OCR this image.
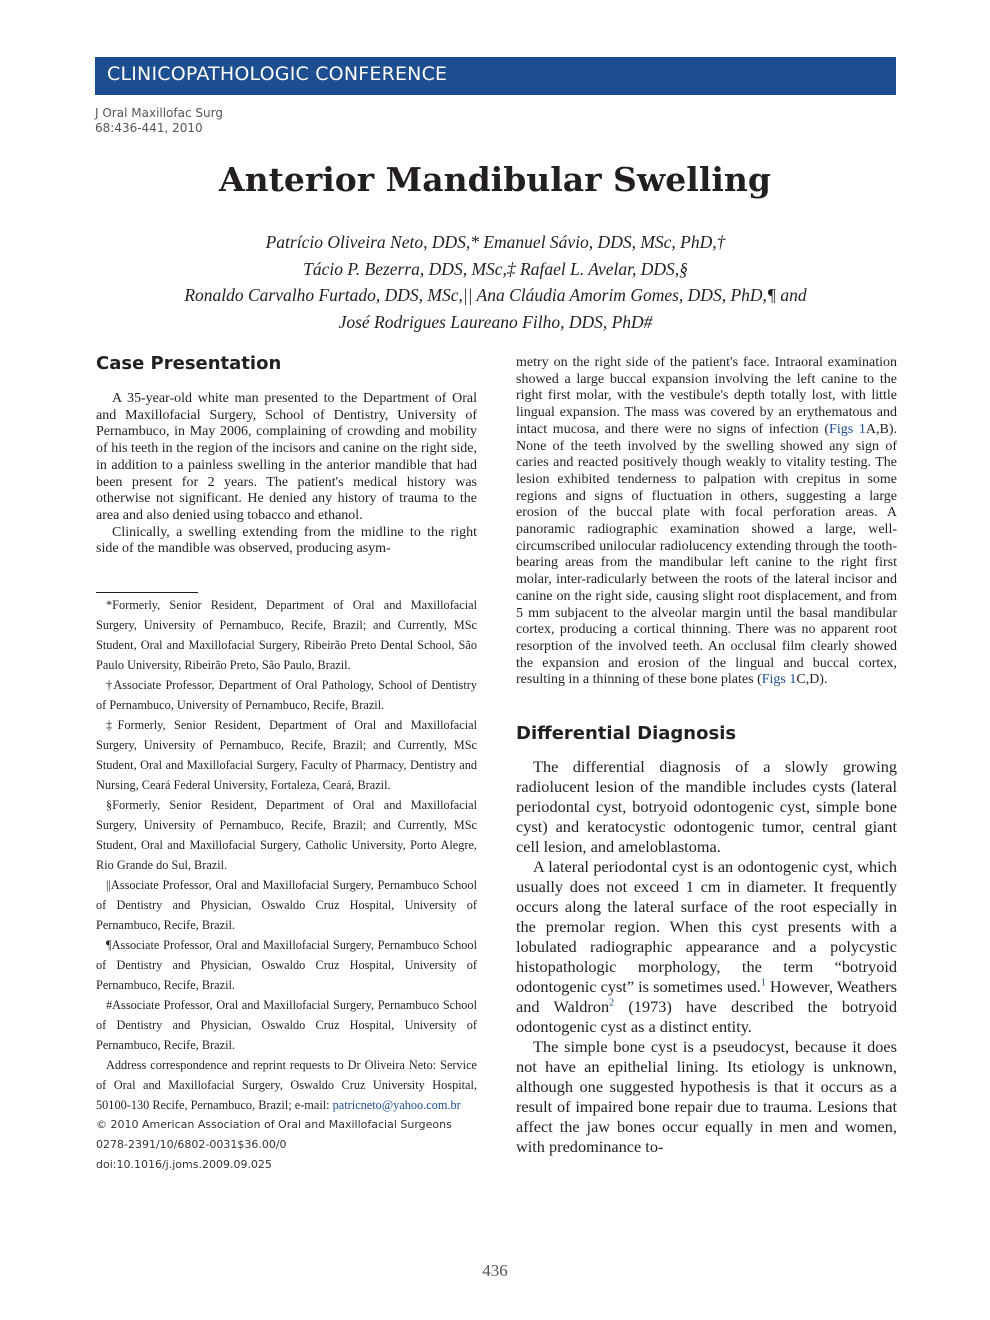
CLINICOPATHOLOGIC CONFERENCE
J Oral Maxillofac Surg
68:436-441, 2010
Anterior Mandibular Swelling
Patrício Oliveira Neto, DDS,* Emanuel Sávio, DDS, MSc, PhD,†
Tácio P. Bezerra, DDS, MSc,‡ Rafael L. Avelar, DDS,§
Ronaldo Carvalho Furtado, DDS, MSc,|| Ana Cláudia Amorim Gomes, DDS, PhD,¶ and
José Rodrigues Laureano Filho, DDS, PhD#
Case Presentation

A 35-year-old white man presented to the Department of Oral and Maxillofacial Surgery, School of Dentistry, University of Pernambuco, in May 2006, complaining of crowding and mobility of his teeth in the region of the incisors and canine on the right side, in addition to a painless swelling in the anterior mandible that had been present for 2 years. The patient's medical history was otherwise not significant. He denied any history of trauma to the area and also denied using tobacco and ethanol.

Clinically, a swelling extending from the midline to the right side of the mandible was observed, producing asym-

*Formerly, Senior Resident, Department of Oral and Maxillofacial Surgery, University of Pernambuco, Recife, Brazil; and Currently, MSc Student, Oral and Maxillofacial Surgery, Ribeirão Preto Dental School, São Paulo University, Ribeirão Preto, São Paulo, Brazil.

†Associate Professor, Department of Oral Pathology, School of Dentistry of Pernambuco, University of Pernambuco, Recife, Brazil.

‡Formerly, Senior Resident, Department of Oral and Maxillofacial Surgery, University of Pernambuco, Recife, Brazil; and Currently, MSc Student, Oral and Maxillofacial Surgery, Faculty of Pharmacy, Dentistry and Nursing, Ceará Federal University, Fortaleza, Ceará, Brazil.

§Formerly, Senior Resident, Department of Oral and Maxillofacial Surgery, University of Pernambuco, Recife, Brazil; and Currently, MSc Student, Oral and Maxillofacial Surgery, Catholic University, Porto Alegre, Rio Grande do Sul, Brazil.

||Associate Professor, Oral and Maxillofacial Surgery, Pernambuco School of Dentistry and Physician, Oswaldo Cruz Hospital, University of Pernambuco, Recife, Brazil.

¶Associate Professor, Oral and Maxillofacial Surgery, Pernambuco School of Dentistry and Physician, Oswaldo Cruz Hospital, University of Pernambuco, Recife, Brazil.

#Associate Professor, Oral and Maxillofacial Surgery, Pernambuco School of Dentistry and Physician, Oswaldo Cruz Hospital, University of Pernambuco, Recife, Brazil.

Address correspondence and reprint requests to Dr Oliveira Neto: Service of Oral and Maxillofacial Surgery, Oswaldo Cruz University Hospital, 50100-130 Recife, Pernambuco, Brazil; e-mail: patricneto@yahoo.com.br

© 2010 American Association of Oral and Maxillofacial Surgeons

0278-2391/10/6802-0031$36.00/0

doi:10.1016/j.joms.2009.09.025

metry on the right side of the patient's face. Intraoral examination showed a large buccal expansion involving the left canine to the right first molar, with the vestibule's depth totally lost, with little lingual expansion. The mass was covered by an erythematous and intact mucosa, and there were no signs of infection (Figs 1A,B). None of the teeth involved by the swelling showed any sign of caries and reacted positively though weakly to vitality testing. The lesion exhibited tenderness to palpation with crepitus in some regions and signs of fluctuation in others, suggesting a large erosion of the buccal plate with focal perforation areas. A panoramic radiographic examination showed a large, well-circumscribed unilocular radiolucency extending through the tooth-bearing areas from the mandibular left canine to the right first molar, inter-radicularly between the roots of the lateral incisor and canine on the right side, causing slight root displacement, and from 5 mm subjacent to the alveolar margin until the basal mandibular cortex, producing a cortical thinning. There was no apparent root resorption of the involved teeth. An occlusal film clearly showed the expansion and erosion of the lingual and buccal cortex, resulting in a thinning of these bone plates (Figs 1C,D).

Differential Diagnosis

The differential diagnosis of a slowly growing radiolucent lesion of the mandible includes cysts (lateral periodontal cyst, botryoid odontogenic cyst, simple bone cyst) and keratocystic odontogenic tumor, central giant cell lesion, and ameloblastoma.

A lateral periodontal cyst is an odontogenic cyst, which usually does not exceed 1 cm in diameter. It frequently occurs along the lateral surface of the root especially in the premolar region. When this cyst presents with a lobulated radiographic appearance and a polycystic histopathologic morphology, the term “botryoid odontogenic cyst” is sometimes used.$^1$ However, Weathers and Waldron$^2$ (1973) have described the botryoid odontogenic cyst as a distinct entity.

The simple bone cyst is a pseudocyst, because it does not have an epithelial lining. Its etiology is unknown, although one suggested hypothesis is that it occurs as a result of impaired bone repair due to trauma. Lesions that affect the jaw bones occur equally in men and women, with predominance to-

436
